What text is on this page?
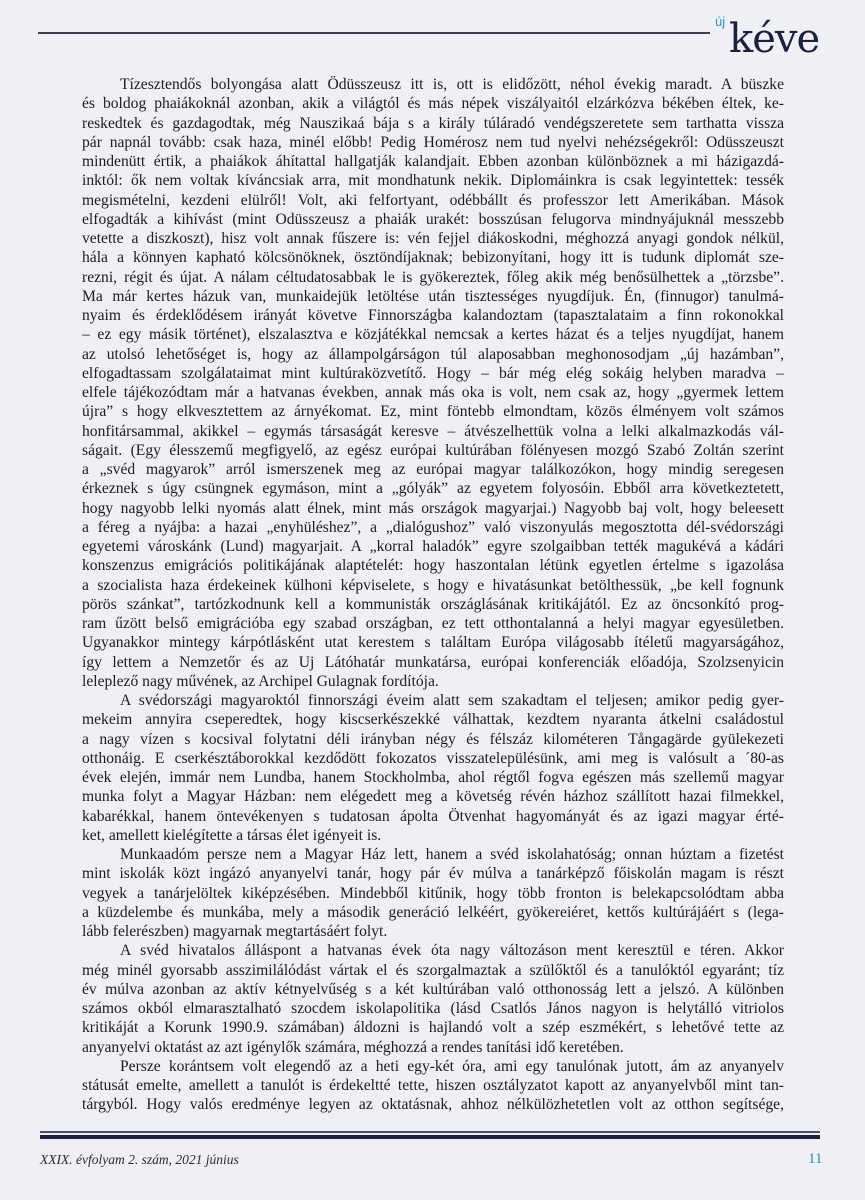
új kéve
Tízesztendős bolyongása alatt Ödüsszeusz itt is, ott is elidőzött, néhol évekig maradt. A büszke
és boldog phaiákoknál azonban, akik a világtól és más népek viszályaitól elzárkózva békében éltek, ke-
reskedtek és gazdagodtak, még Nauszikaá bája s a király túláradó vendégszeretete sem tarthatta vissza
pár napnál tovább: csak haza, minél előbb! Pedig Homérosz nem tud nyelvi nehézségekről: Odüsszeuszt
mindenütt értik, a phaiákok áhítattal hallgatják kalandjait. Ebben azonban különböznek a mi házigazdá-
inktól: ők nem voltak kíváncsiak arra, mit mondhatunk nekik. Diplomáinkra is csak legyintettek: tessék
megismételni, kezdeni elülről! Volt, aki felfortyant, odébbállt és professzor lett Amerikában. Mások
elfogadták a kihívást (mint Odüsszeusz a phaiák urakét: bosszúsan felugorva mindnyájuknál messzebb
vetette a diszkoszt), hisz volt annak fűszere is: vén fejjel diákoskodni, méghozzá anyagi gondok nélkül,
hála a könnyen kapható kölcsönöknek, ösztöndíjaknak; bebizonyítani, hogy itt is tudunk diplomát sze-
rezni, régit és újat. A nálam céltudatosabbak le is gyökereztek, főleg akik még benősülhettek a „törzsbe”.
Ma már kertes házuk van, munkaidejük letöltése után tisztességes nyugdíjuk. Én, (finnugor) tanulmá-
nyaim és érdeklődésem irányát követve Finnországba kalandoztam (tapasztalataim a finn rokonokkal
– ez egy másik történet), elszalasztva e közjátékkal nemcsak a kertes házat és a teljes nyugdíjat, hanem
az utolsó lehetőséget is, hogy az állampolgárságon túl alaposabban meghonosodjam „új hazámban”,
elfogadtassam szolgálataimat mint kultúraközvetítő. Hogy – bár még elég sokáig helyben maradva –
elfele tájékozódtam már a hatvanas években, annak más oka is volt, nem csak az, hogy „gyermek lettem
újra” s hogy elkvesztettem az árnyékomat. Ez, mint föntebb elmondtam, közös élményem volt számos
honfitársammal, akikkel – egymás társaságát keresve – átvészelhettük volna a lelki alkalmazkodás vál-
ságait. (Egy élesszemű megfigyelő, az egész európai kultúrában fölényesen mozgó Szabó Zoltán szerint
a „svéd magyarok” arról ismerszenek meg az európai magyar találkozókon, hogy mindig seregesen
érkeznek s úgy csüngnek egymáson, mint a „gólyák” az egyetem folyosóin. Ebből arra következtetett,
hogy nagyobb lelki nyomás alatt élnek, mint más országok magyarjai.) Nagyobb baj volt, hogy beleesett
a féreg a nyájba: a hazai „enyhüléshez”, a „dialógushoz” való viszonyulás megosztotta dél-svédországi
egyetemi városkánk (Lund) magyarjait. A „korral haladók” egyre szolgaibban tették magukévá a kádári
konszenzus emigrációs politikájának alaptételét: hogy haszontalan létünk egyetlen értelme s igazolása
a szocialista haza érdekeinek külhoni képviselete, s hogy e hivatásunkat betölthessük, „be kell fognunk
pörös szánkat”, tartózkodnunk kell a kommunisták országlásának kritikájától. Ez az öncsonkító prog-
ram űzött belső emigrációba egy szabad országban, ez tett otthontalanná a helyi magyar egyesületben.
Ugyanakkor mintegy kárpótlásként utat kerestem s találtam Európa világosabb ítéletű magyarságához,
így lettem a Nemzetőr és az Uj Látóhatár munkatársa, európai konferenciák előadója, Szolzsenyicin
leleplező nagy művének, az Archipel Gulagnak fordítója.
A svédországi magyaroktól finnországi éveim alatt sem szakadtam el teljesen; amikor pedig gyer-
mekeim annyira cseperedtek, hogy kiscserkészekké válhattak, kezdtem nyaranta átkelni családostul
a nagy vízen s kocsival folytatni déli irányban négy és félszáz kilométeren Tångagärde gyülekezeti
otthonáig. E cserkésztáborokkal kezdődött fokozatos visszatelepülésünk, ami meg is valósult a ´80-as
évek elején, immár nem Lundba, hanem Stockholmba, ahol régtől fogva egészen más szellemű magyar
munka folyt a Magyar Házban: nem elégedett meg a követség révén házhoz szállított hazai filmekkel,
kabarékkal, hanem öntevékenyen s tudatosan ápolta Ötvenhat hagyományát és az igazi magyar érté-
ket, amellett kielégítette a társas élet igényeit is.
Munkaadóm persze nem a Magyar Ház lett, hanem a svéd iskolahatóság; onnan húztam a fizetést
mint iskolák közt ingázó anyanyelvi tanár, hogy pár év múlva a tanárképző főiskolán magam is részt
vegyek a tanárjelöltek kiképzésében. Mindebből kitűnik, hogy több fronton is belekapcsolódtam abba
a küzdelembe és munkába, mely a második generáció lelkéért, gyökereiéret, kettős kultúrájáért s (lega-
lább felerészben) magyarnak megtartásáért folyt.
A svéd hivatalos álláspont a hatvanas évek óta nagy változáson ment keresztül e téren. Akkor
még minél gyorsabb asszimilálódást vártak el és szorgalmaztak a szülőktől és a tanulóktól egyaránt; tíz
év múlva azonban az aktív kétnyelvűség s a két kultúrában való otthonosság lett a jelszó. A különben
számos okból elmarasztalható szocdem iskolapolitika (lásd Csatlós János nagyon is helytálló vitriolos
kritikáját a Korunk 1990.9. számában) áldozni is hajlandó volt a szép eszmékért, s lehetővé tette az
anyanyelvi oktatást az azt igénylők számára, méghozzá a rendes tanítási idő keretében.
Persze korántsem volt elegendő az a heti egy-két óra, ami egy tanulónak jutott, ám az anyanyelv
státusát emelte, amellett a tanulót is érdekeltté tette, hiszen osztályzatot kapott az anyanyelvből mint tan-
tárgyból. Hogy valós eredménye legyen az oktatásnak, ahhoz nélkülözhetetlen volt az otthon segítsége,
XXIX. évfolyam 2. szám, 2021 június	11
